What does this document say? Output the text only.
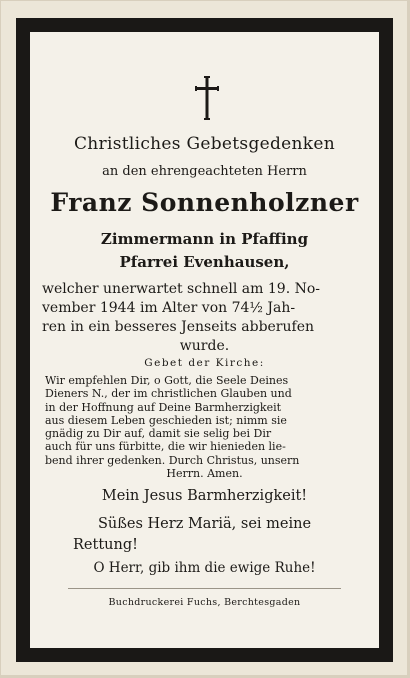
Christliches Gebetsgedenken
an den ehrengeachteten Herrn
Franz Sonnenholzner
Zimmermann in Pfaffing
Pfarrei Evenhausen,
welcher unerwartet schnell am 19. No-
vember 1944 im Alter von 74½ Jah-
ren in ein besseres Jenseits abberufen
wurde.
Gebet der Kirche:
Wir empfehlen Dir, o Gott, die Seele Deines
Dieners N., der im christlichen Glauben und
in der Hoffnung auf Deine Barmherzigkeit
aus diesem Leben geschieden ist; nimm sie
gnädig zu Dir auf, damit sie selig bei Dir
auch für uns fürbitte, die wir hienieden lie-
bend ihrer gedenken. Durch Christus, unsern
Herrn. Amen.
Mein Jesus Barmherzigkeit!
Süßes Herz Mariä, sei meine
Rettung!
O Herr, gib ihm die ewige Ruhe!
Buchdruckerei Fuchs, Berchtesgaden
